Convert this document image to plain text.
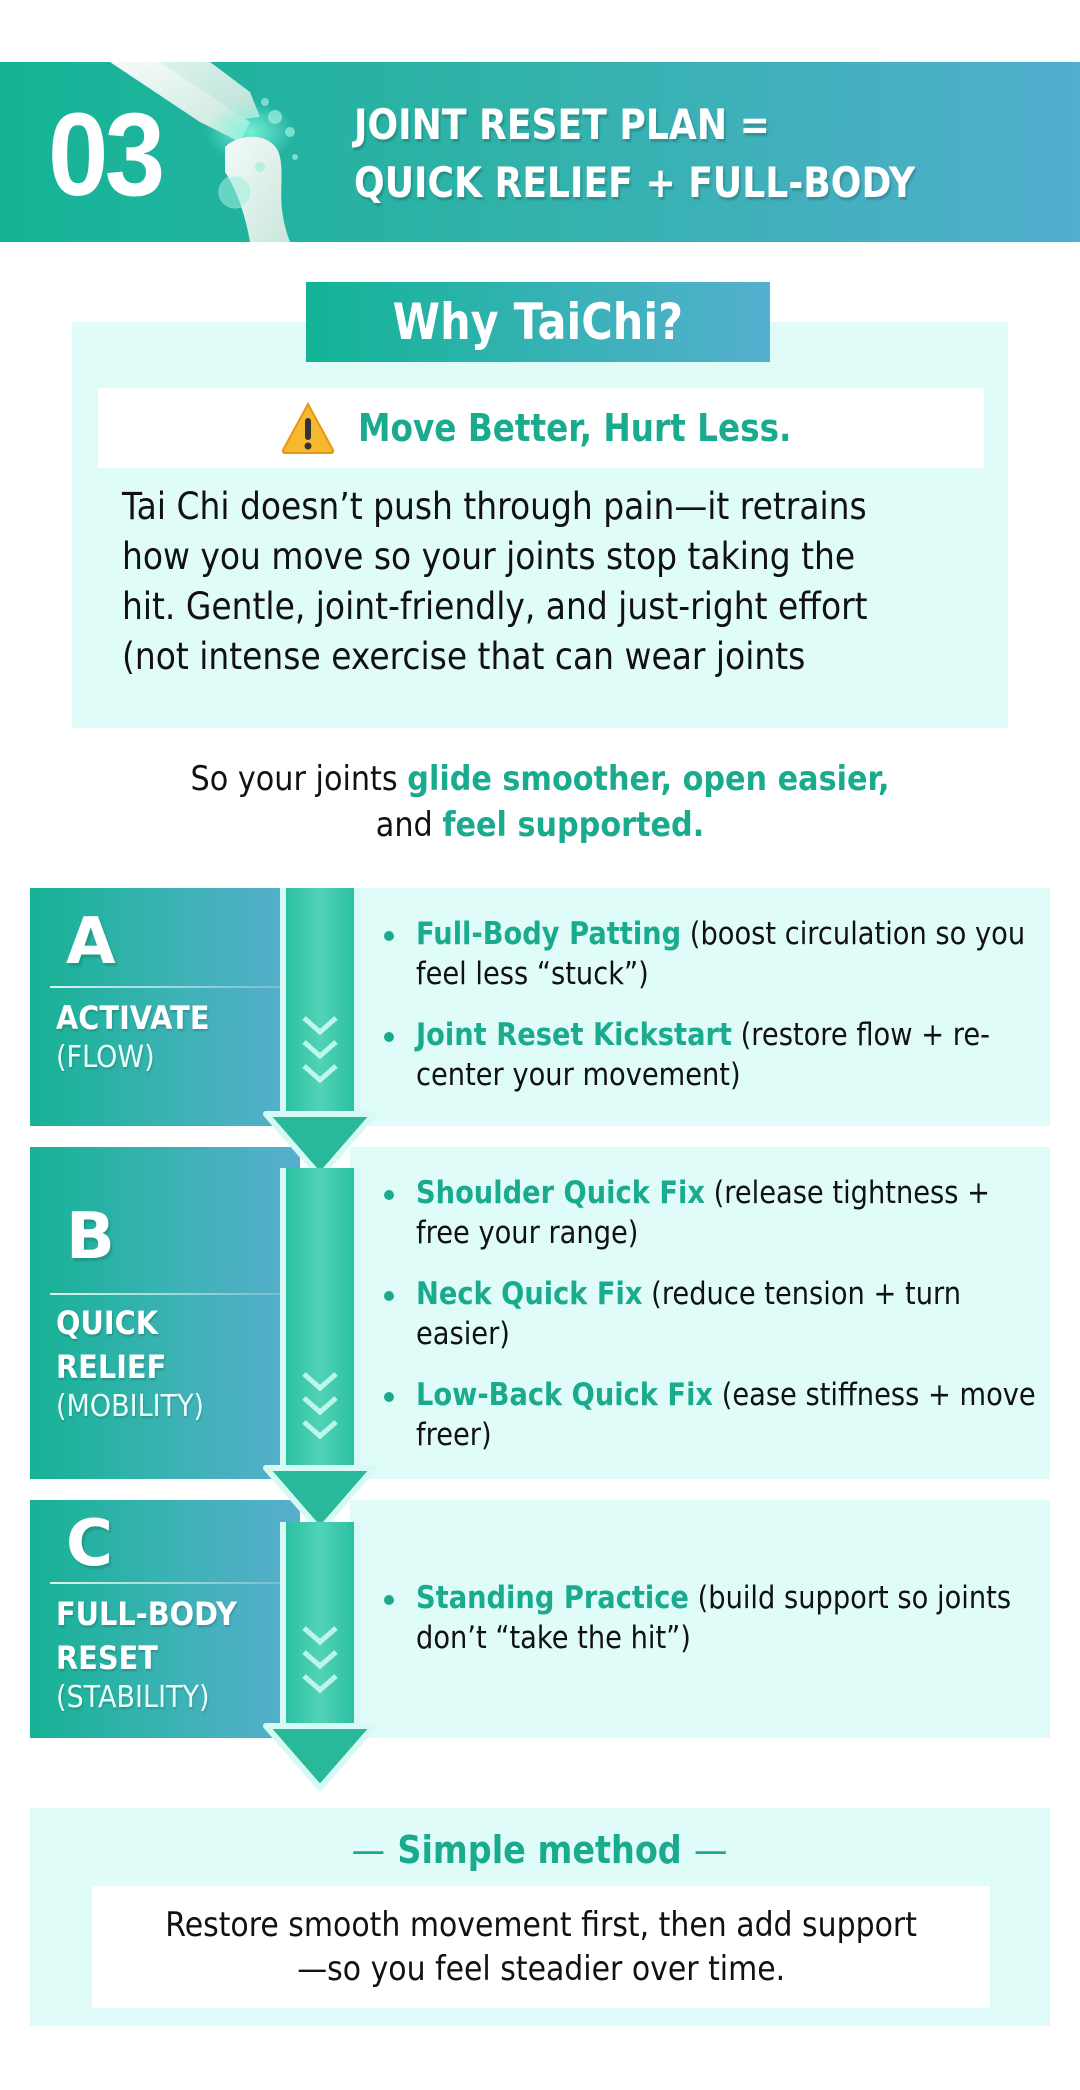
03	JOINT RESET PLAN =
QUICK RELIEF + FULL-BODY
Why TaiChi?
Move Better, Hurt Less.
Tai Chi doesn’t push through pain—it retrains
how you move so your joints stop taking the
hit. Gentle, joint-friendly, and just-right effort
(not intense exercise that can wear joints
So your joints glide smoother, open easier,
and feel supported.
A
ACTIVATE
(FLOW)
Full-Body Patting (boost circulation so you feel less “stuck”)
Joint Reset Kickstart (restore flow + re-center your movement)
B
QUICK
RELIEF
(MOBILITY)
Shoulder Quick Fix (release tightness + free your range)
Neck Quick Fix (reduce tension + turn easier)
Low-Back Quick Fix (ease stiffness + move freer)
C
FULL-BODY
RESET
(STABILITY)
Standing Practice (build support so joints don’t “take the hit”)
— Simple method —
Restore smooth movement first, then add support
—so you feel steadier over time.
